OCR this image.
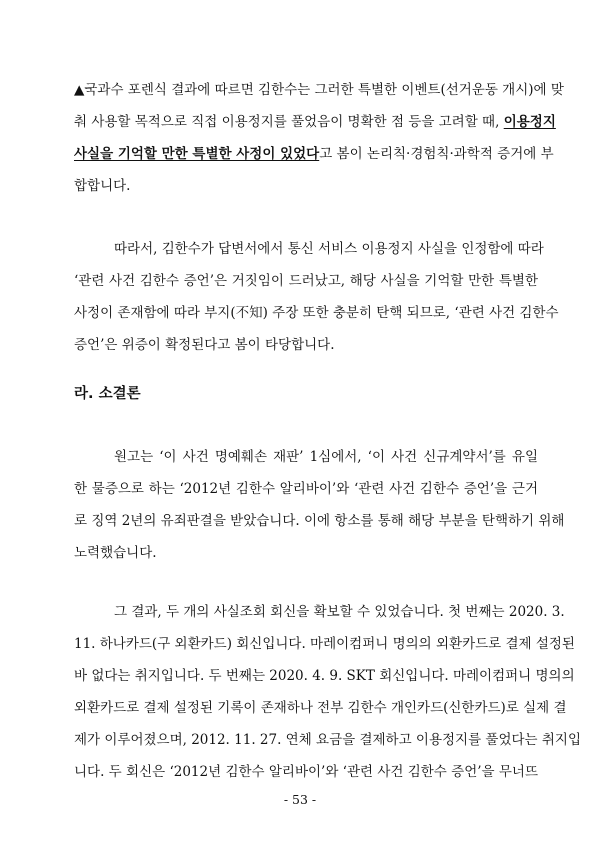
▲국과수 포렌식 결과에 따르면 김한수는 그러한 특별한 이벤트(선거운동 개시)에 맞
춰 사용할 목적으로 직접 이용정지를 풀었음이 명확한 점 등을 고려할 때, 이용정지
사실을 기억할 만한 특별한 사정이 있었다고 봄이 논리칙·경험칙·과학적 증거에 부
합합니다.
따라서, 김한수가 답변서에서 통신 서비스 이용정지 사실을 인정함에 따라
‘관련 사건 김한수 증언’은 거짓임이 드러났고, 해당 사실을 기억할 만한 특별한
사정이 존재함에 따라 부지(不知) 주장 또한 충분히 탄핵 되므로, ‘관련 사건 김한수
증언’은 위증이 확정된다고 봄이 타당합니다.
라. 소결론
원고는 ‘이 사건 명예훼손 재판’ 1심에서, ‘이 사건 신규계약서’를 유일
한 물증으로 하는 ‘2012년 김한수 알리바이’와 ‘관련 사건 김한수 증언’을 근거
로 징역 2년의 유죄판결을 받았습니다. 이에 항소를 통해 해당 부분을 탄핵하기 위해
노력했습니다.
그 결과, 두 개의 사실조회 회신을 확보할 수 있었습니다. 첫 번째는 2020. 3.
11. 하나카드(구 외환카드) 회신입니다. 마레이컴퍼니 명의의 외환카드로 결제 설정된
바 없다는 취지입니다. 두 번째는 2020. 4. 9. SKT 회신입니다. 마레이컴퍼니 명의의
외환카드로 결제 설정된 기록이 존재하나 전부 김한수 개인카드(신한카드)로 실제 결
제가 이루어졌으며, 2012. 11. 27. 연체 요금을 결제하고 이용정지를 풀었다는 취지입
니다. 두 회신은 ‘2012년 김한수 알리바이’와 ‘관련 사건 김한수 증언’을 무너뜨
- 53 -
